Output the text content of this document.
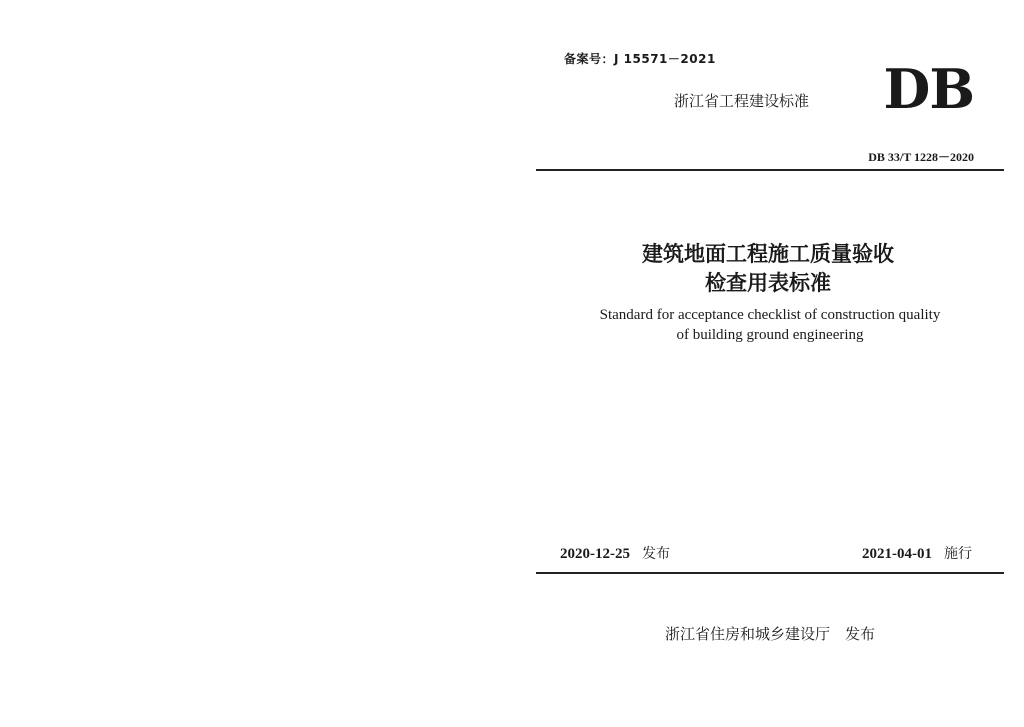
备案号：J 15571－2021
浙江省工程建设标准 DB
DB 33/T 1228－2020
建筑地面工程施工质量验收
检查用表标准
Standard for acceptance checklist of construction quality
of building ground engineering
2020-12-25 发布	2021-04-01 施行
浙江省住房和城乡建设厅　发布
